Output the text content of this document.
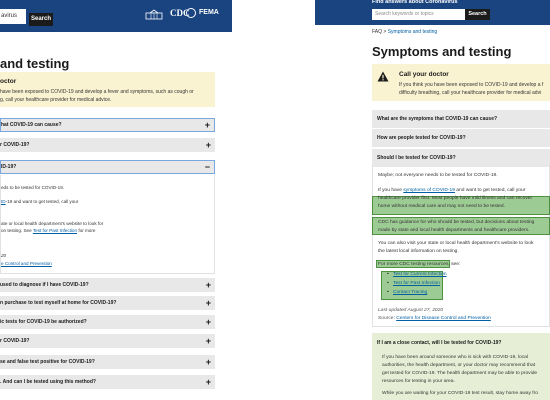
avirus	Search
CDC FEMA
and testing
octor
have been exposed to COVID-19 and develop a fever and symptoms, such as cough or
g, call your healthcare provider for medical advice.
hat COVID-19 can cause?	+
r COVID-19?	+
ID-19?	−

eds to be tested for COVID-19.

ID-19 and want to get tested, call your

ate or local health department's website to look for

on testing. See Test for Past Infection for more

20

e Control and Prevention

used to diagnose if I have COVID-19?	+
n purchase to test myself at home for COVID-19?	+
ic tests for COVID-19 be authorized?	+
r COVID-19?	+
se and false test positive for COVID-19?	+
. And can I be tested using this method?	+
Find answers about Coronavirus
Search keywords or topics	Search
FAQ > Symptoms and testing
Symptoms and testing
Call your doctor
If you think you have been exposed to COVID-19 and develop a f
difficulty breathing, call your healthcare provider for medical advi
What are the symptoms that COVID-19 can cause?
How are people tested for COVID-19?
Should I be tested for COVID-19?
Maybe; not everyone needs to be tested for COVID-19.
If you have symptoms of COVID-19 and want to get tested, call your
healthcare provider first. Most people have mild illness and can recover
home without medical care and may not need to be tested.
CDC has guidance for who should be tested, but decisions about testing
made by state and local health departments and healthcare providers.
You can also visit your state or local health department's website to look
the latest local information on testing.
For more CDC testing resources, see:
• Test for Current Infection
• Test for Past Infection
• Contact Tracing
Last updated August 27, 2020
Source: Centers for Disease Control and Prevention
If I am a close contact, will I be tested for COVID-19?
If you have been around someone who is sick with COVID-19, local
authorities, the health department, or your doctor may recommend that
get tested for COVID-19. The health department may be able to provide
resources for testing in your area.
While you are waiting for your COVID-19 test result, stay home away fro
